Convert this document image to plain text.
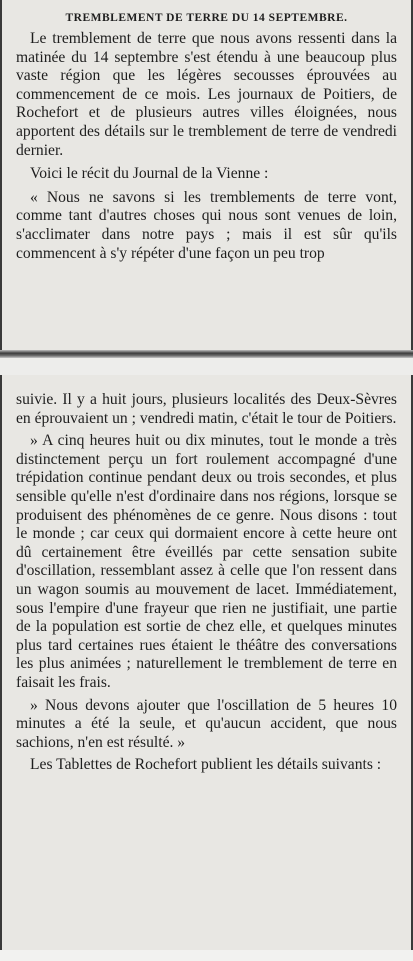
TREMBLEMENT DE TERRE DU 14 SEPTEMBRE.

Le tremblement de terre que nous avons ressenti dans la matinée du 14 septembre s'est étendu à une beaucoup plus vaste région que les légères secousses éprouvées au commencement de ce mois. Les journaux de Poitiers, de Rochefort et de plusieurs autres villes éloignées, nous apportent des détails sur le tremblement de terre de vendredi dernier.

Voici le récit du Journal de la Vienne :

« Nous ne savons si les tremblements de terre vont, comme tant d'autres choses qui nous sont venues de loin, s'acclimater dans notre pays ; mais il est sûr qu'ils commencent à s'y répéter d'une façon un peu trop

suivie. Il y a huit jours, plusieurs localités des Deux-Sèvres en éprouvaient un ; vendredi matin, c'était le tour de Poitiers.

» A cinq heures huit ou dix minutes, tout le monde a très distinctement perçu un fort roulement accompagné d'une trépidation continue pendant deux ou trois secondes, et plus sensible qu'elle n'est d'ordinaire dans nos régions, lorsque se produisent des phénomènes de ce genre. Nous disons : tout le monde ; car ceux qui dormaient encore à cette heure ont dû certainement être éveillés par cette sensation subite d'oscillation, ressemblant assez à celle que l'on ressent dans un wagon soumis au mouvement de lacet. Immédiatement, sous l'empire d'une frayeur que rien ne justifiait, une partie de la population est sortie de chez elle, et quelques minutes plus tard certaines rues étaient le théâtre des conversations les plus animées ; naturellement le tremblement de terre en faisait les frais.

» Nous devons ajouter que l'oscillation de 5 heures 10 minutes a été la seule, et qu'aucun accident, que nous sachions, n'en est résulté. »

Les Tablettes de Rochefort publient les détails suivants :
